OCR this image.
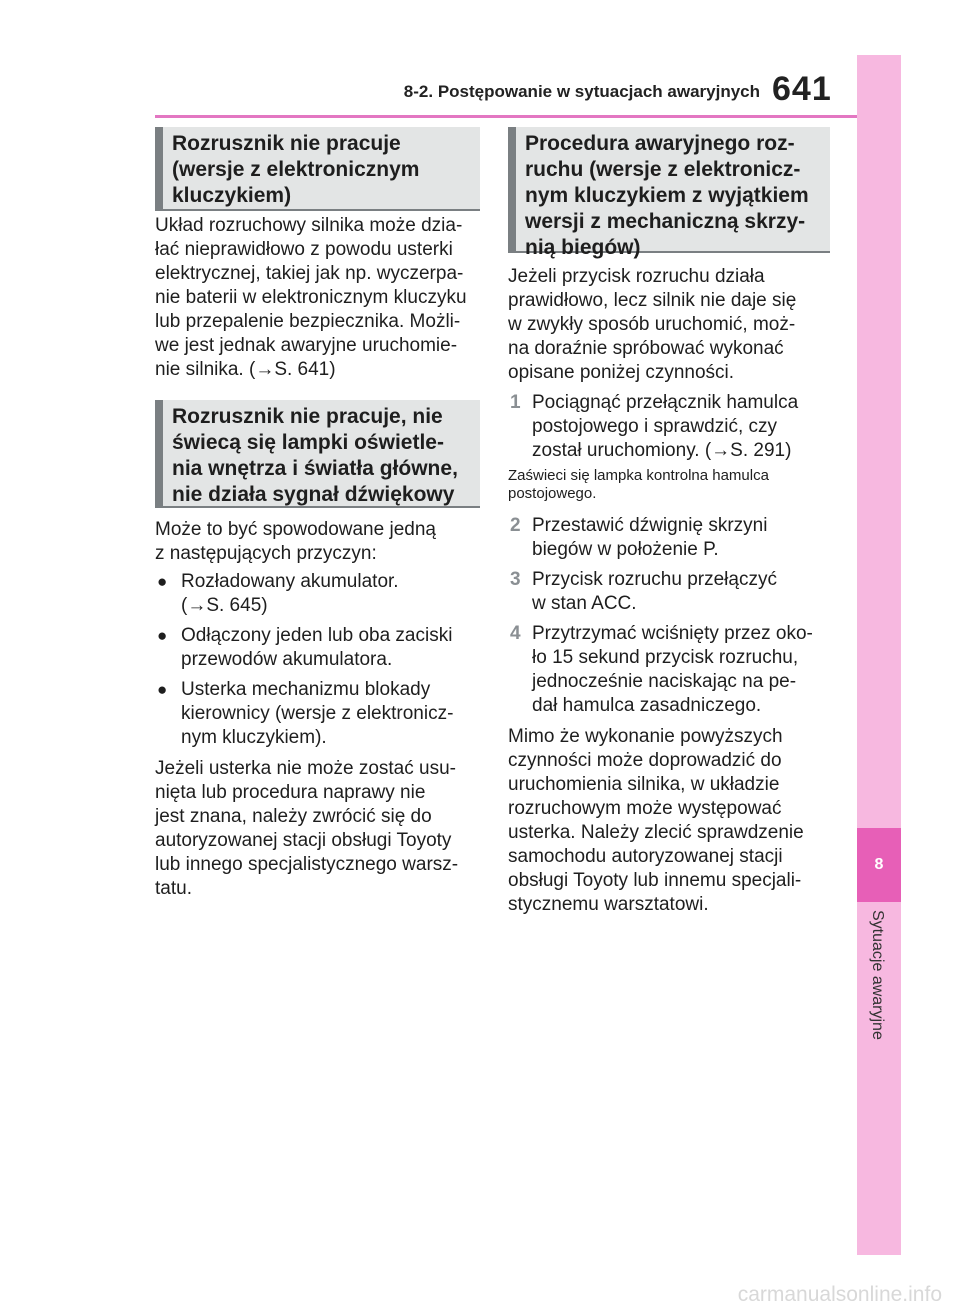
8-2. Postępowanie w sytuacjach awaryjnych 641
8
Sytuacje awaryjne
Rozrusznik nie pracuje
(wersje z elektronicznym
kluczykiem)
Układ rozruchowy silnika może dzia-
łać nieprawidłowo z powodu usterki
elektrycznej, takiej jak np. wyczerpa-
nie baterii w elektronicznym kluczyku
lub przepalenie bezpiecznika. Możli-
we jest jednak awaryjne uruchomie-
nie silnika. (→S. 641)
Rozrusznik nie pracuje, nie
świecą się lampki oświetle-
nia wnętrza i światła główne,
nie działa sygnał dźwiękowy
Może to być spowodowane jedną
z następujących przyczyn:
● Rozładowany akumulator.
(→S. 645)
● Odłączony jeden lub oba zaciski
przewodów akumulatora.
● Usterka mechanizmu blokady
kierownicy (wersje z elektronicz-
nym kluczykiem).
Jeżeli usterka nie może zostać usu-
nięta lub procedura naprawy nie
jest znana, należy zwrócić się do
autoryzowanej stacji obsługi Toyoty
lub innego specjalistycznego warsz-
tatu.
Procedura awaryjnego roz-
ruchu (wersje z elektronicz-
nym kluczykiem z wyjątkiem
wersji z mechaniczną skrzy-
nią biegów)
Jeżeli przycisk rozruchu działa
prawidłowo, lecz silnik nie daje się
w zwykły sposób uruchomić, moż-
na doraźnie spróbować wykonać
opisane poniżej czynności.
1 Pociągnąć przełącznik hamulca
postojowego i sprawdzić, czy
został uruchomiony. (→S. 291)
Zaświeci się lampka kontrolna hamulca
postojowego.
2 Przestawić dźwignię skrzyni
biegów w położenie P.
3 Przycisk rozruchu przełączyć
w stan ACC.
4 Przytrzymać wciśnięty przez oko-
ło 15 sekund przycisk rozruchu,
jednocześnie naciskając na pe-
dał hamulca zasadniczego.
Mimo że wykonanie powyższych
czynności może doprowadzić do
uruchomienia silnika, w układzie
rozruchowym może występować
usterka. Należy zlecić sprawdzenie
samochodu autoryzowanej stacji
obsługi Toyoty lub innemu specjali-
stycznemu warsztatowi.
carmanualsonline.info
